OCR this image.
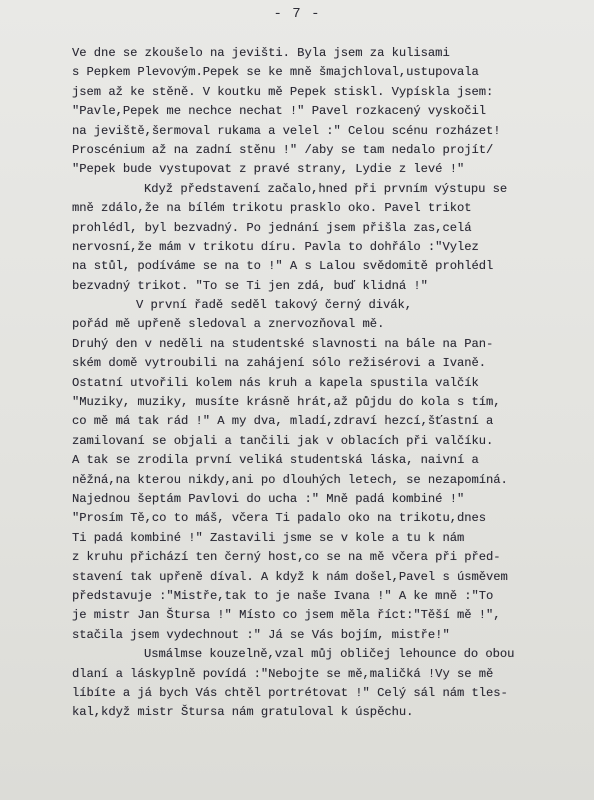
- 7 -
Ve dne se zkoušelo na jevišti. Byla jsem za kulisami
s Pepkem Plevovým.Pepek se ke mně šmajchloval,ustupovala
jsem až ke stěně. V koutku mě Pepek stiskl. Vypískla jsem:
"Pavle,Pepek me nechce nechat !" Pavel rozkacený vyskočil
na jeviště,šermoval rukama a velel :" Celou scénu rozházet!
Proscénium až na zadní stěnu !" /aby se tam nedalo projít/
"Pepek bude vystupovat z pravé strany, Lydie z levé !"
Když představení začalo,hned při prvním výstupu se
mně zdálo,že na bílém trikotu prasklo oko. Pavel trikot
prohlédl, byl bezvadný. Po jednání jsem přišla zas,celá
nervosní,že mám v trikotu díru. Pavla to dohřálo :"Vylez
na stůl, podíváme se na to !" A s Lalou svědomitě prohlédl
bezvadný trikot. "To se Ti jen zdá, buď klidná !"
V první řadě seděl takový černý divák,
pořád mě upřeně sledoval a znervozňoval mě.
Druhý den v neděli na studentské slavnosti na bále na Pan-
ském domě vytroubili na zahájení sólo režisérovi a Ivaně.
Ostatní utvořili kolem nás kruh a kapela spustila valčík
"Muziky, muziky, musíte krásně hrát,až půjdu do kola s tím,
co mě má tak rád !" A my dva, mladí,zdraví hezcí,šťastní a
zamilovaní se objali a tančili jak v oblacích při valčíku.
A tak se zrodila první veliká studentská láska, naivní a
něžná,na kterou nikdy,ani po dlouhých letech, se nezapomíná.
Najednou šeptám Pavlovi do ucha :" Mně padá kombiné !"
"Prosím Tě,co to máš, včera Ti padalo oko na trikotu,dnes
Ti padá kombiné !" Zastavili jsme se v kole a tu k nám
z kruhu přichází ten černý host,co se na mě včera při před-
stavení tak upřeně díval. A když k nám došel,Pavel s úsměvem
představuje :"Mistře,tak to je naše Ivana !" A ke mně :"To
je mistr Jan Štursa !" Místo co jsem měla říct:"Těší mě !",
stačila jsem vydechnout :" Já se Vás bojím, mistře!"
Usmálmse kouzelně,vzal můj obličej lehounce do obou
dlaní a láskyplně povídá :"Nebojte se mě,maličká !Vy se mě
líbíte a já bych Vás chtěl portrétovat !" Celý sál nám tles-
kal,když mistr Štursa nám gratuloval k úspěchu.
